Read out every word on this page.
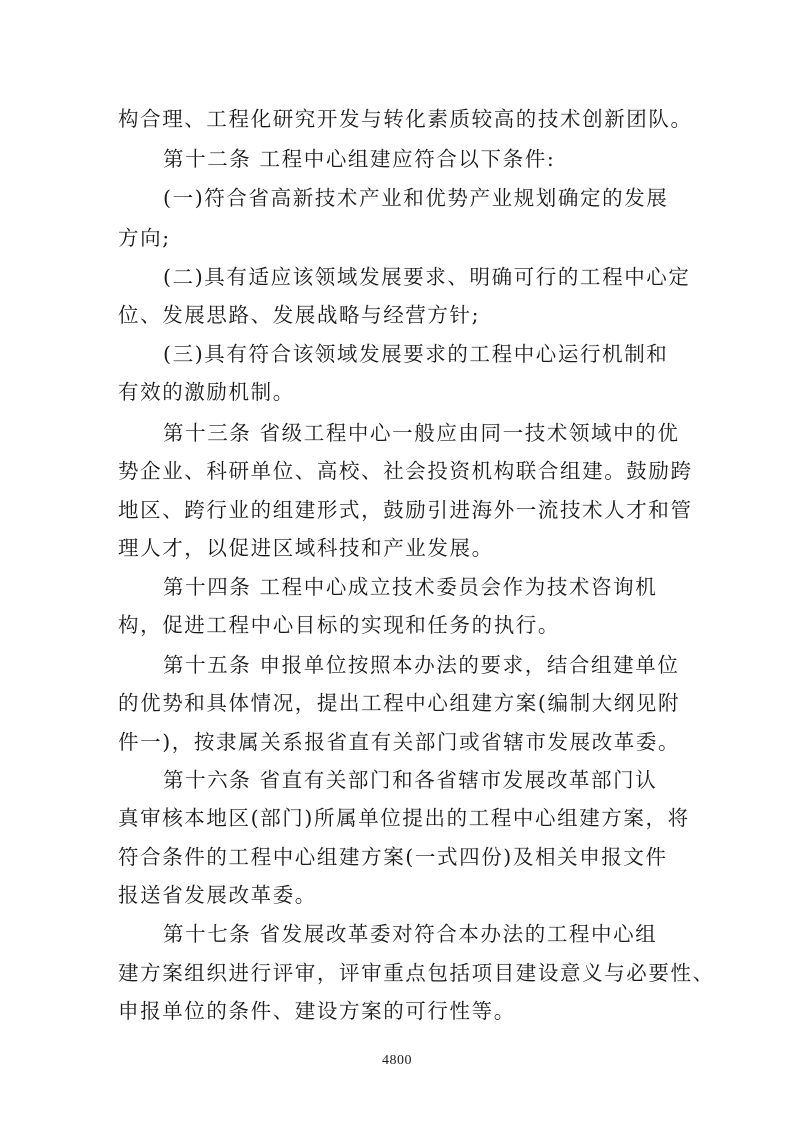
构合理、工程化研究开发与转化素质较高的技术创新团队。
第十二条 工程中心组建应符合以下条件:
(一)符合省高新技术产业和优势产业规划确定的发展
方向;
(二)具有适应该领域发展要求、明确可行的工程中心定
位、发展思路、发展战略与经营方针;
(三)具有符合该领域发展要求的工程中心运行机制和
有效的激励机制。
第十三条 省级工程中心一般应由同一技术领域中的优
势企业、科研单位、高校、社会投资机构联合组建。鼓励跨
地区、跨行业的组建形式，鼓励引进海外一流技术人才和管
理人才，以促进区域科技和产业发展。
第十四条 工程中心成立技术委员会作为技术咨询机
构，促进工程中心目标的实现和任务的执行。
第十五条 申报单位按照本办法的要求，结合组建单位
的优势和具体情况，提出工程中心组建方案(编制大纲见附
件一)，按隶属关系报省直有关部门或省辖市发展改革委。
第十六条 省直有关部门和各省辖市发展改革部门认
真审核本地区(部门)所属单位提出的工程中心组建方案，将
符合条件的工程中心组建方案(一式四份)及相关申报文件
报送省发展改革委。
第十七条 省发展改革委对符合本办法的工程中心组
建方案组织进行评审，评审重点包括项目建设意义与必要性、
申报单位的条件、建设方案的可行性等。
4800
